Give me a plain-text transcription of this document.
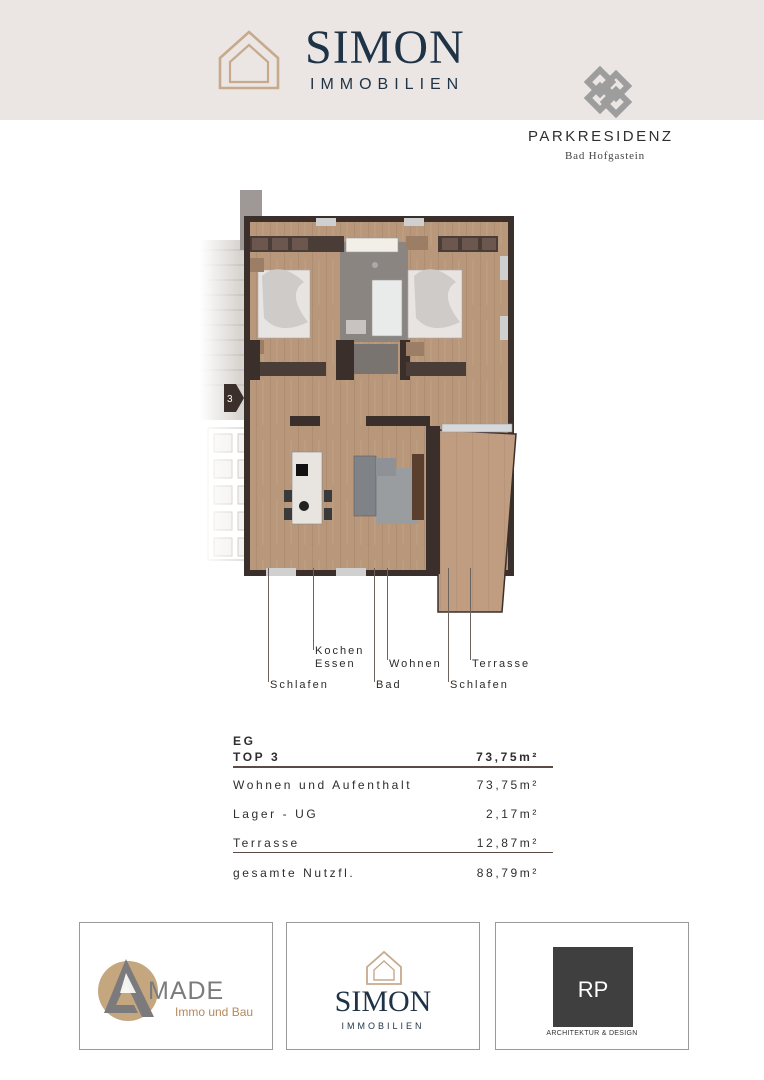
SIMON
IMMOBILIEN
PARKRESIDENZ
Bad Hofgastein
3
Kochen
Essen	Wohnen	Terrasse
Schlafen	Bad	Schlafen
EG
TOP 3	73,75m²
Wohnen und Aufenthalt	73,75m²
Lager - UG	2,17m²
Terrasse	12,87m²
gesamte Nutzfl.	88,79m²
MADE
Immo und Bau	SIMON
IMMOBILIEN
RP
ARCHITEKTUR & DESIGN
